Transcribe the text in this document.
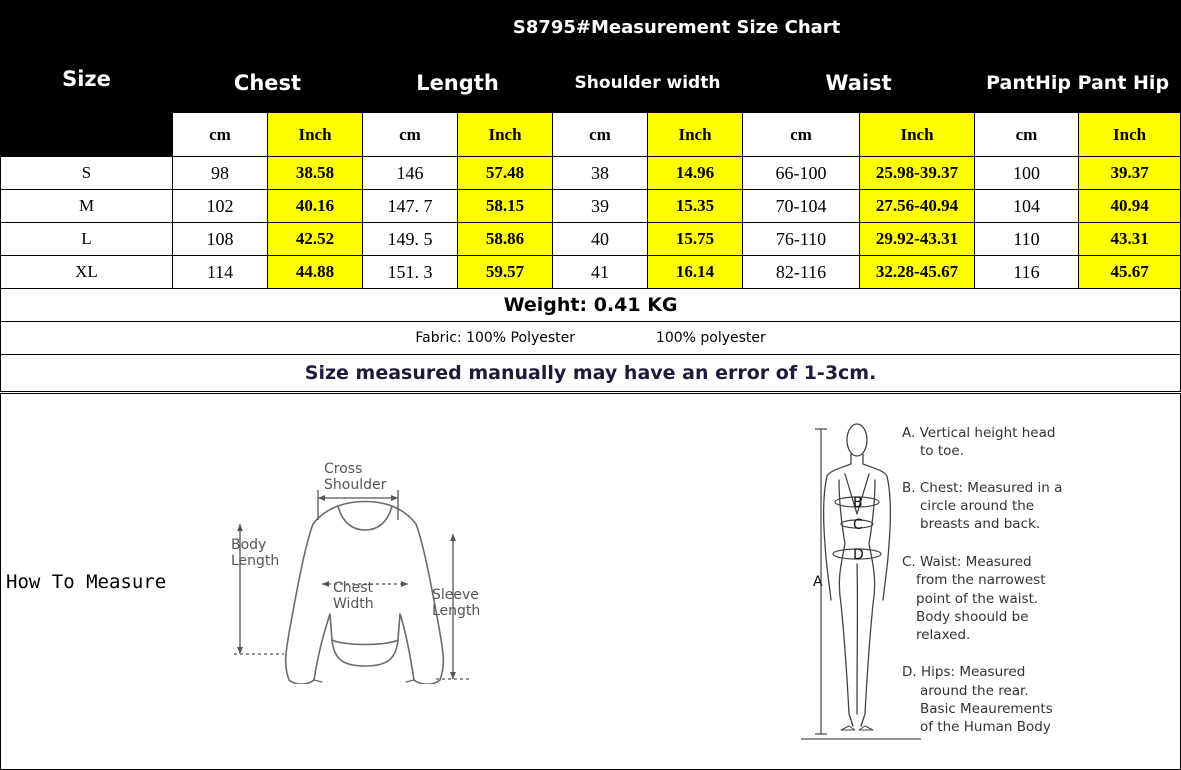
Size	S8795#Measurement Size Chart									
	Chest		Length		Shoulder width		Waist		PantHip Pant Hip	
	cm	Inch	cm	Inch	cm	Inch	cm	Inch	cm	Inch
S	98	38.58	146	57.48	38	14.96	66-100	25.98-39.37	100	39.37
M	102	40.16	147. 7	58.15	39	15.35	70-104	27.56-40.94	104	40.94
L	108	42.52	149. 5	58.86	40	15.75	76-110	29.92-43.31	110	43.31
XL	114	44.88	151. 3	59.57	41	16.14	82-116	32.28-45.67	116	45.67
Weight: 0.41 KG										
Fabric: 100% Polyester 100% polyester										
Size measured manually may have an error of 1-3cm.										
How To Measure
Cross
Shoulder
Body
Length
Chest
Width
Sleeve
Length
A
B
C
D
A. Vertical height head
to toe.
B. Chest: Measured in a
circle around the
breasts and back.
C. Waist: Measured
from the narrowest
point of the waist.
Body shoould be
relaxed.
D. Hips: Measured
around the rear.
Basic Meaurements
of the Human Body
